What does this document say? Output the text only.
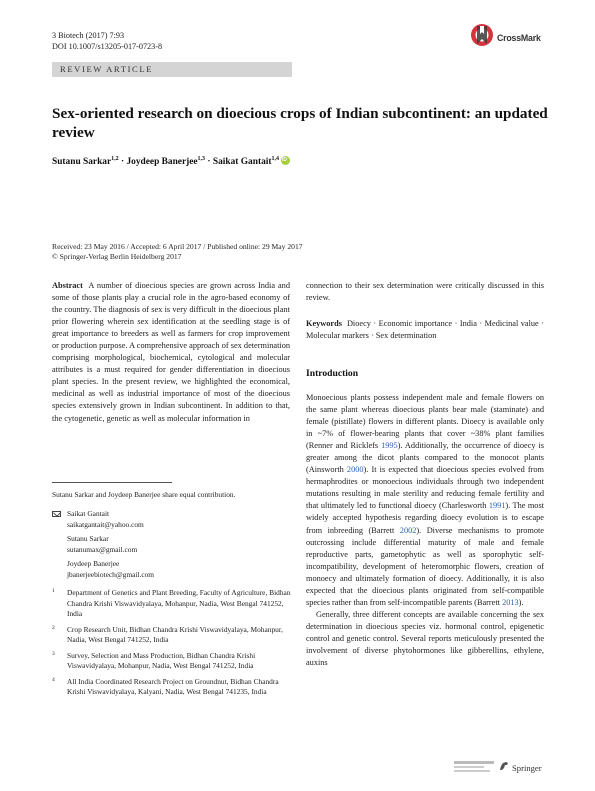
3 Biotech (2017) 7:93
DOI 10.1007/s13205-017-0723-8
CrossMark
REVIEW ARTICLE
Sex-oriented research on dioecious crops of Indian subcontinent: an updated review
Sutanu Sarkar$^{1,2}$ · Joydeep Banerjee$^{1,3}$ · Saikat Gantait$^{1,4}$iD
Received: 23 May 2016 / Accepted: 6 April 2017 / Published online: 29 May 2017
© Springer-Verlag Berlin Heidelberg 2017
Abstract A number of dioecious species are grown across India and some of those plants play a crucial role in the agro-based economy of the country. The diagnosis of sex is very difficult in the dioecious plant prior flowering wherein sex identification at the seedling stage is of great importance to breeders as well as farmers for crop improvement or production purpose. A comprehensive approach of sex determination comprising morphological, biochemical, cytological and molecular attributes is a must required for gender differentiation in dioecious plant species. In the present review, we highlighted the economical, medicinal as well as industrial importance of most of the dioecious species extensively grown in Indian subcontinent. In addition to that, the cytogenetic, genetic as well as molecular information in
Sutanu Sarkar and Joydeep Banerjee share equal contribution.
Saikat Gantait
saikatgantait@yahoo.com
Sutanu Sarkar
sutanumax@gmail.com
Joydeep Banerjee
jbanerjeebiotech@gmail.com
1 Department of Genetics and Plant Breeding, Faculty of Agriculture, Bidhan Chandra Krishi Viswavidyalaya, Mohanpur, Nadia, West Bengal 741252, India
2 Crop Research Unit, Bidhan Chandra Krishi Viswavidyalaya, Mohanpur, Nadia, West Bengal 741252, India
3 Survey, Selection and Mass Production, Bidhan Chandra Krishi Viswavidyalaya, Mohanpur, Nadia, West Bengal 741252, India
4 All India Coordinated Research Project on Groundnut, Bidhan Chandra Krishi Viswavidyalaya, Kalyani, Nadia, West Bengal 741235, India
connection to their sex determination were critically discussed in this review.
Keywords Dioecy · Economic importance · India · Medicinal value · Molecular markers · Sex determination
Introduction

Monoecious plants possess independent male and female flowers on the same plant whereas dioecious plants bear male (staminate) and female (pistillate) flowers in different plants. Dioecy is available only in ~7% of flower-bearing plants that cover ~38% plant families (Renner and Ricklefs 1995). Additionally, the occurrence of dioecy is greater among the dicot plants compared to the monocot plants (Ainsworth 2000). It is expected that dioecious species evolved from hermaphrodites or monoecious individuals through two independent mutations resulting in male sterility and reducing female fertility and that ultimately led to functional dioecy (Charlesworth 1991). The most widely accepted hypothesis regarding dioecy evolution is to escape from inbreeding (Barrett 2002). Diverse mechanisms to promote outcrossing include differential maturity of male and female reproductive parts, gametophytic as well as sporophytic self-incompatibility, development of heteromorphic flowers, creation of monoecy and ultimately formation of dioecy. Additionally, it is also expected that the dioecious plants originated from self-compatible species rather than from self-incompatible parents (Barrett 2013).

Generally, three different concepts are available concerning the sex determination in dioecious species viz. hormonal control, epigenetic control and genetic control. Several reports meticulously presented the involvement of diverse phytohormones like gibberellins, ethylene, auxins

Springer
